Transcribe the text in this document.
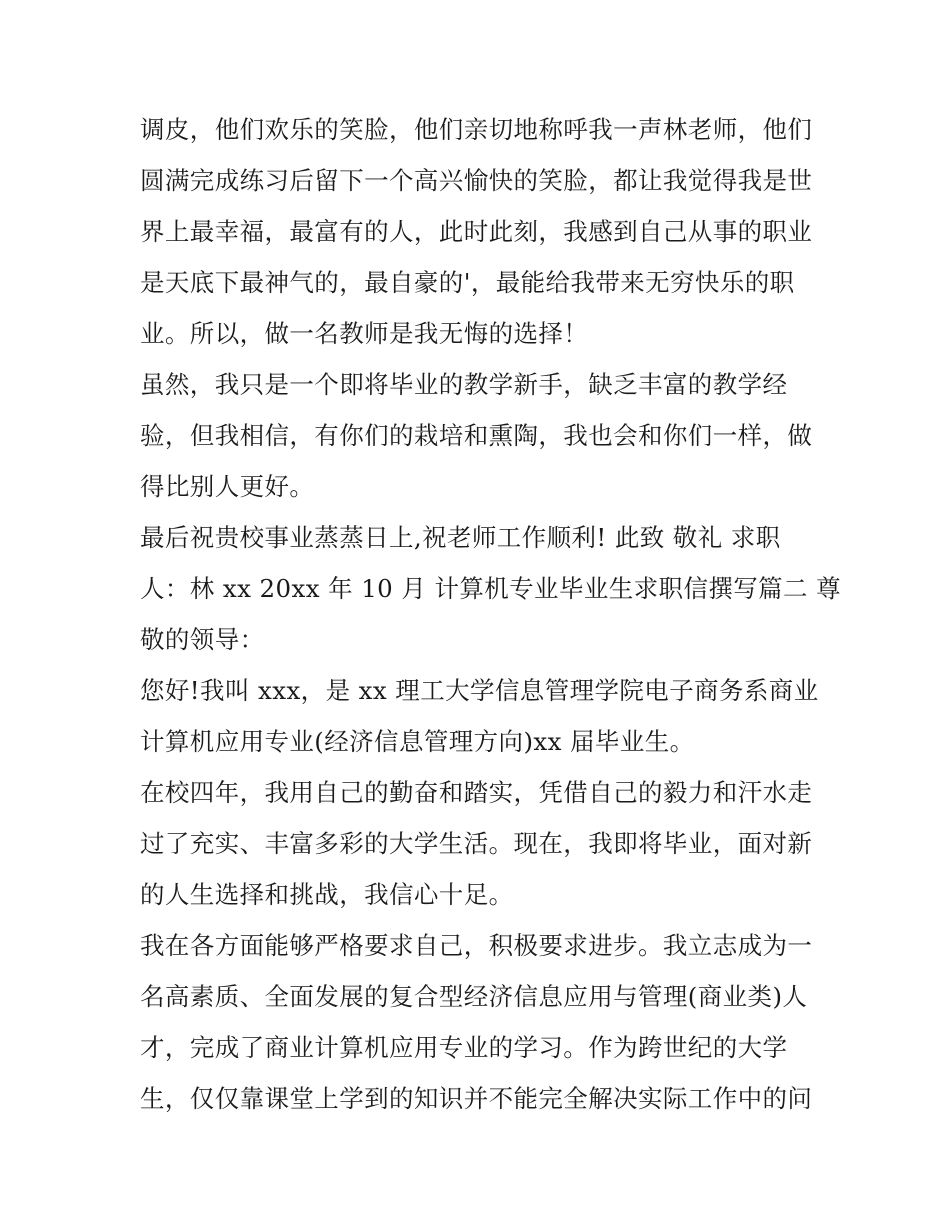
调皮，他们欢乐的笑脸，他们亲切地称呼我一声林老师，他们
圆满完成练习后留下一个高兴愉快的笑脸，都让我觉得我是世
界上最幸福，最富有的人，此时此刻，我感到自己从事的职业
是天底下最神气的，最自豪的'，最能给我带来无穷快乐的职
业。所以，做一名教师是我无悔的选择！
虽然，我只是一个即将毕业的教学新手，缺乏丰富的教学经
验，但我相信，有你们的栽培和熏陶，我也会和你们一样，做
得比别人更好。
最后祝贵校事业蒸蒸日上,祝老师工作顺利! 此致 敬礼 求职
人：林 xx 20xx 年 10 月 计算机专业毕业生求职信撰写篇二 尊
敬的领导：
您好!我叫 xxx，是 xx 理工大学信息管理学院电子商务系商业
计算机应用专业(经济信息管理方向)xx 届毕业生。
在校四年，我用自己的勤奋和踏实，凭借自己的毅力和汗水走
过了充实、丰富多彩的大学生活。现在，我即将毕业，面对新
的人生选择和挑战，我信心十足。
我在各方面能够严格要求自己，积极要求进步。我立志成为一
名高素质、全面发展的复合型经济信息应用与管理(商业类)人
才，完成了商业计算机应用专业的学习。作为跨世纪的大学
生，仅仅靠课堂上学到的知识并不能完全解决实际工作中的问
